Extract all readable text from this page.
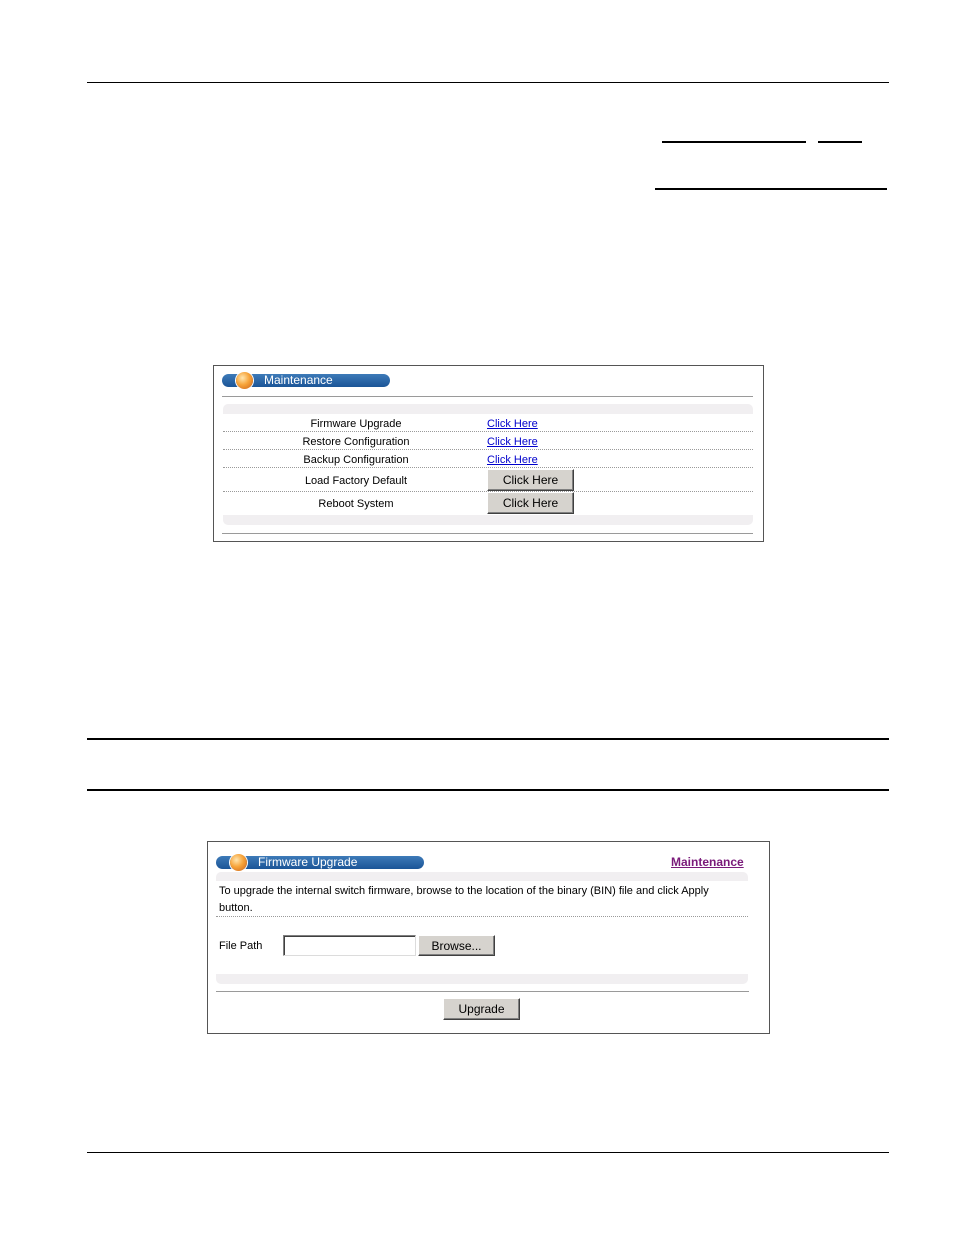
Maintenance
Firmware Upgrade	Click Here
Restore Configuration	Click Here
Backup Configuration	Click Here
Load Factory Default	Click Here
Reboot System	Click Here
Firmware Upgrade	Maintenance
To upgrade the internal switch firmware, browse to the location of the binary (BIN) file and click Apply
button.
File Path	Browse...
Upgrade
